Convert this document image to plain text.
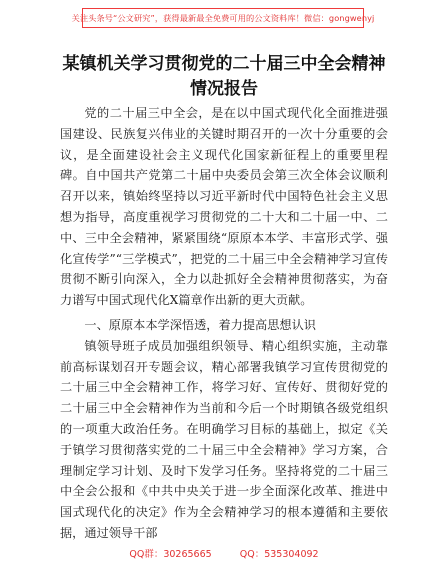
关注头条号“公文研究”，获得最新最全免费可用的公文资料库！ 微信：gongwenyj
某镇机关学习贯彻党的二十届三中全会精神情况报告

党的二十届三中全会，是在以中国式现代化全面推进强国建设、民族复兴伟业的关键时期召开的一次十分重要的会议，是全面建设社会主义现代化国家新征程上的重要里程碑。自中国共产党第二十届中央委员会第三次全体会议顺利召开以来，镇始终坚持以习近平新时代中国特色社会主义思想为指导，高度重视学习贯彻党的二十大和二十届一中、二中、三中全会精神，紧紧围绕“原原本本学、丰富形式学、强化宣传学”“三学模式”，把党的二十届三中全会精神学习宣传贯彻不断引向深入，全力以赴抓好全会精神贯彻落实，为奋力谱写中国式现代化X篇章作出新的更大贡献。

一、原原本本学深悟透，着力提高思想认识

镇领导班子成员加强组织领导、精心组织实施，主动靠前高标谋划召开专题会议，精心部署我镇学习宣传贯彻党的二十届三中全会精神工作，将学习好、宣传好、贯彻好党的二十届三中全会精神作为当前和今后一个时期镇各级党组织的一项重大政治任务。在明确学习目标的基础上，拟定《关于镇学习贯彻落实党的二十届三中全会精神》学习方案，合理制定学习计划、及时下发学习任务。坚持将党的二十届三中全会公报和《中共中央关于进一步全面深化改革、推进中国式现代化的决定》作为全会精神学习的根本遵循和主要依据，通过领导干部

QQ群：30265665	QQ：535304092
